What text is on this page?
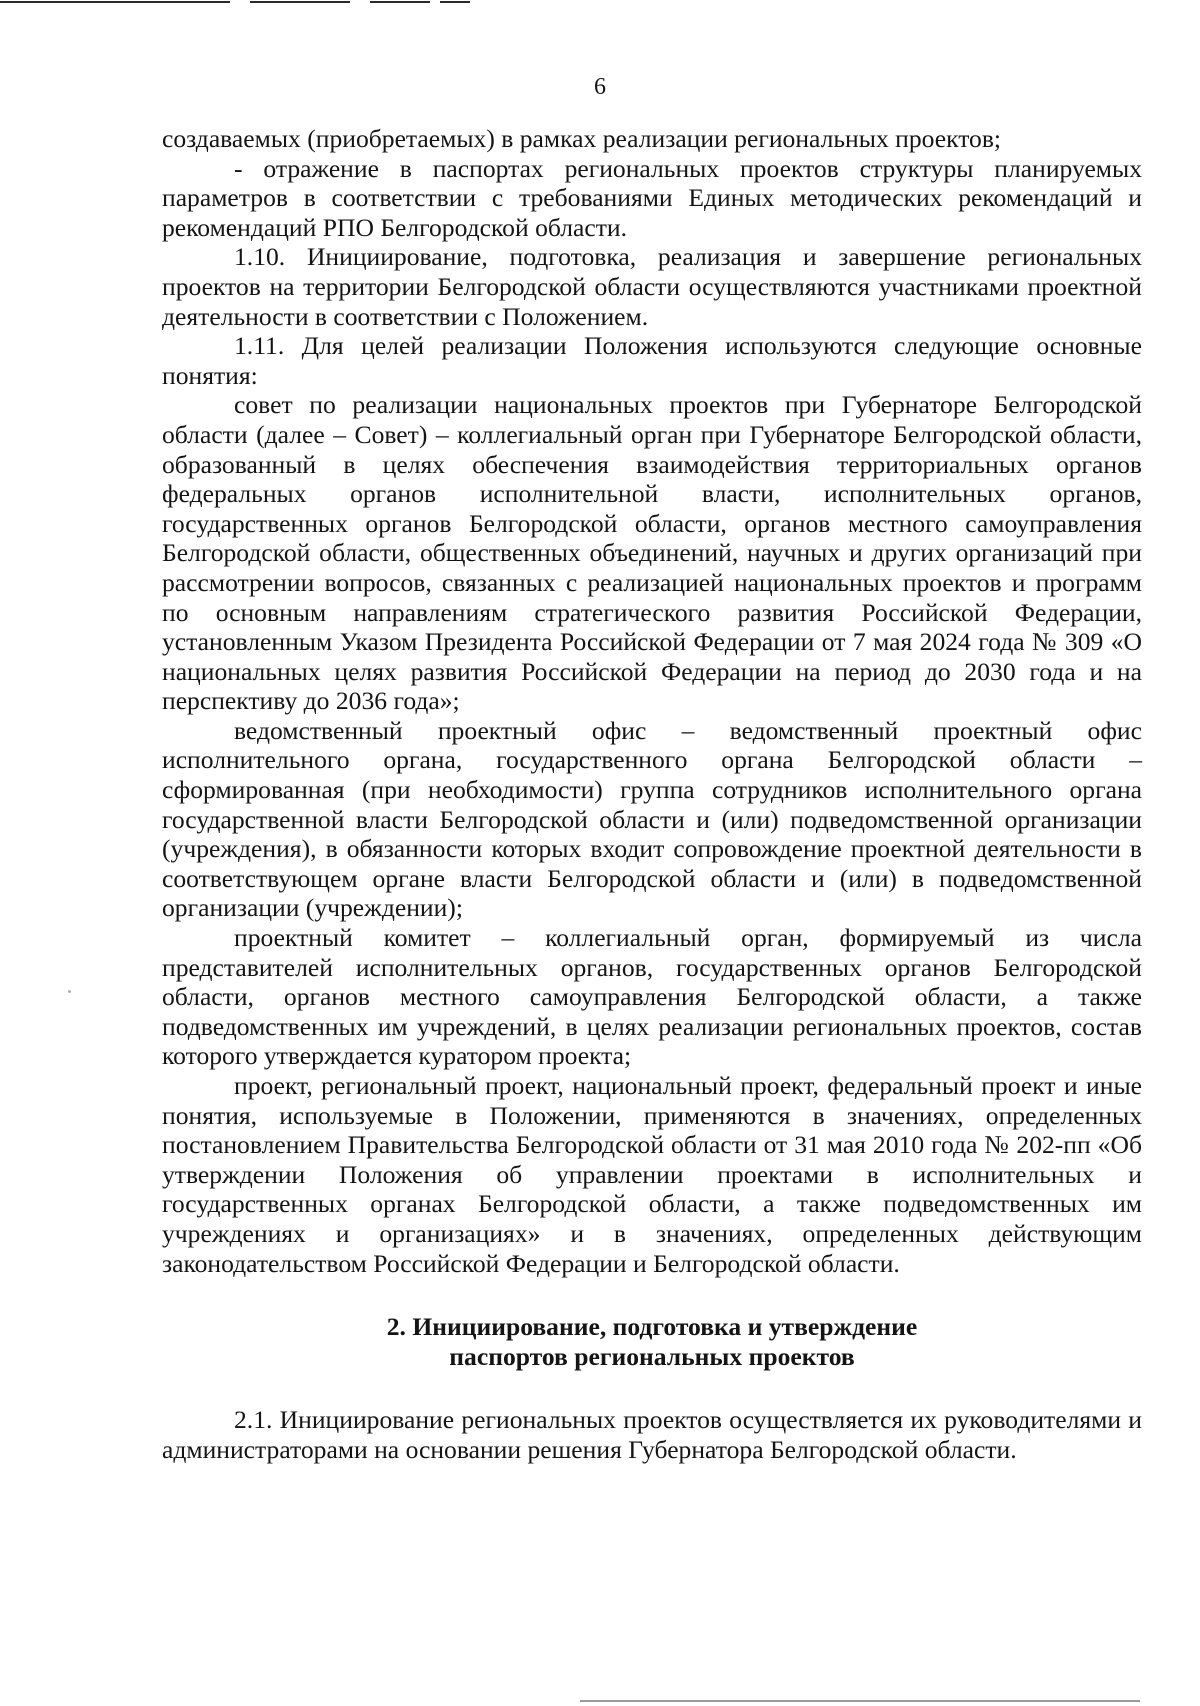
6

создаваемых (приобретаемых) в рамках реализации региональных проектов;

- отражение в паспортах региональных проектов структуры планируемых параметров в соответствии с требованиями Единых методических рекомендаций и рекомендаций РПО Белгородской области.

1.10. Инициирование, подготовка, реализация и завершение региональных проектов на территории Белгородской области осуществляются участниками проектной деятельности в соответствии с Положением.

1.11. Для целей реализации Положения используются следующие основные понятия:

совет по реализации национальных проектов при Губернаторе Белгородской области (далее – Совет) – коллегиальный орган при Губернаторе Белгородской области, образованный в целях обеспечения взаимодействия территориальных органов федеральных органов исполнительной власти, исполнительных органов, государственных органов Белгородской области, органов местного самоуправления Белгородской области, общественных объединений, научных и других организаций при рассмотрении вопросов, связанных с реализацией национальных проектов и программ по основным направлениям стратегического развития Российской Федерации, установленным Указом Президента Российской Федерации от 7 мая 2024 года № 309 «О национальных целях развития Российской Федерации на период до 2030 года и на перспективу до 2036 года»;

ведомственный проектный офис – ведомственный проектный офис исполнительного органа, государственного органа Белгородской области – сформированная (при необходимости) группа сотрудников исполнительного органа государственной власти Белгородской области и (или) подведомственной организации (учреждения), в обязанности которых входит сопровождение проектной деятельности в соответствующем органе власти Белгородской области и (или) в подведомственной организации (учреждении);

проектный комитет – коллегиальный орган, формируемый из числа представителей исполнительных органов, государственных органов Белгородской области, органов местного самоуправления Белгородской области, а также подведомственных им учреждений, в целях реализации региональных проектов, состав которого утверждается куратором проекта;

проект, региональный проект, национальный проект, федеральный проект и иные понятия, используемые в Положении, применяются в значениях, определенных постановлением Правительства Белгородской области от 31 мая 2010 года № 202-пп «Об утверждении Положения об управлении проектами в исполнительных и государственных органах Белгородской области, а также подведомственных им учреждениях и организациях» и в значениях, определенных действующим законодательством Российской Федерации и Белгородской области.

2. Инициирование, подготовка и утверждение
паспортов региональных проектов

2.1. Инициирование региональных проектов осуществляется их руководителями и администраторами на основании решения Губернатора Белгородской области.
